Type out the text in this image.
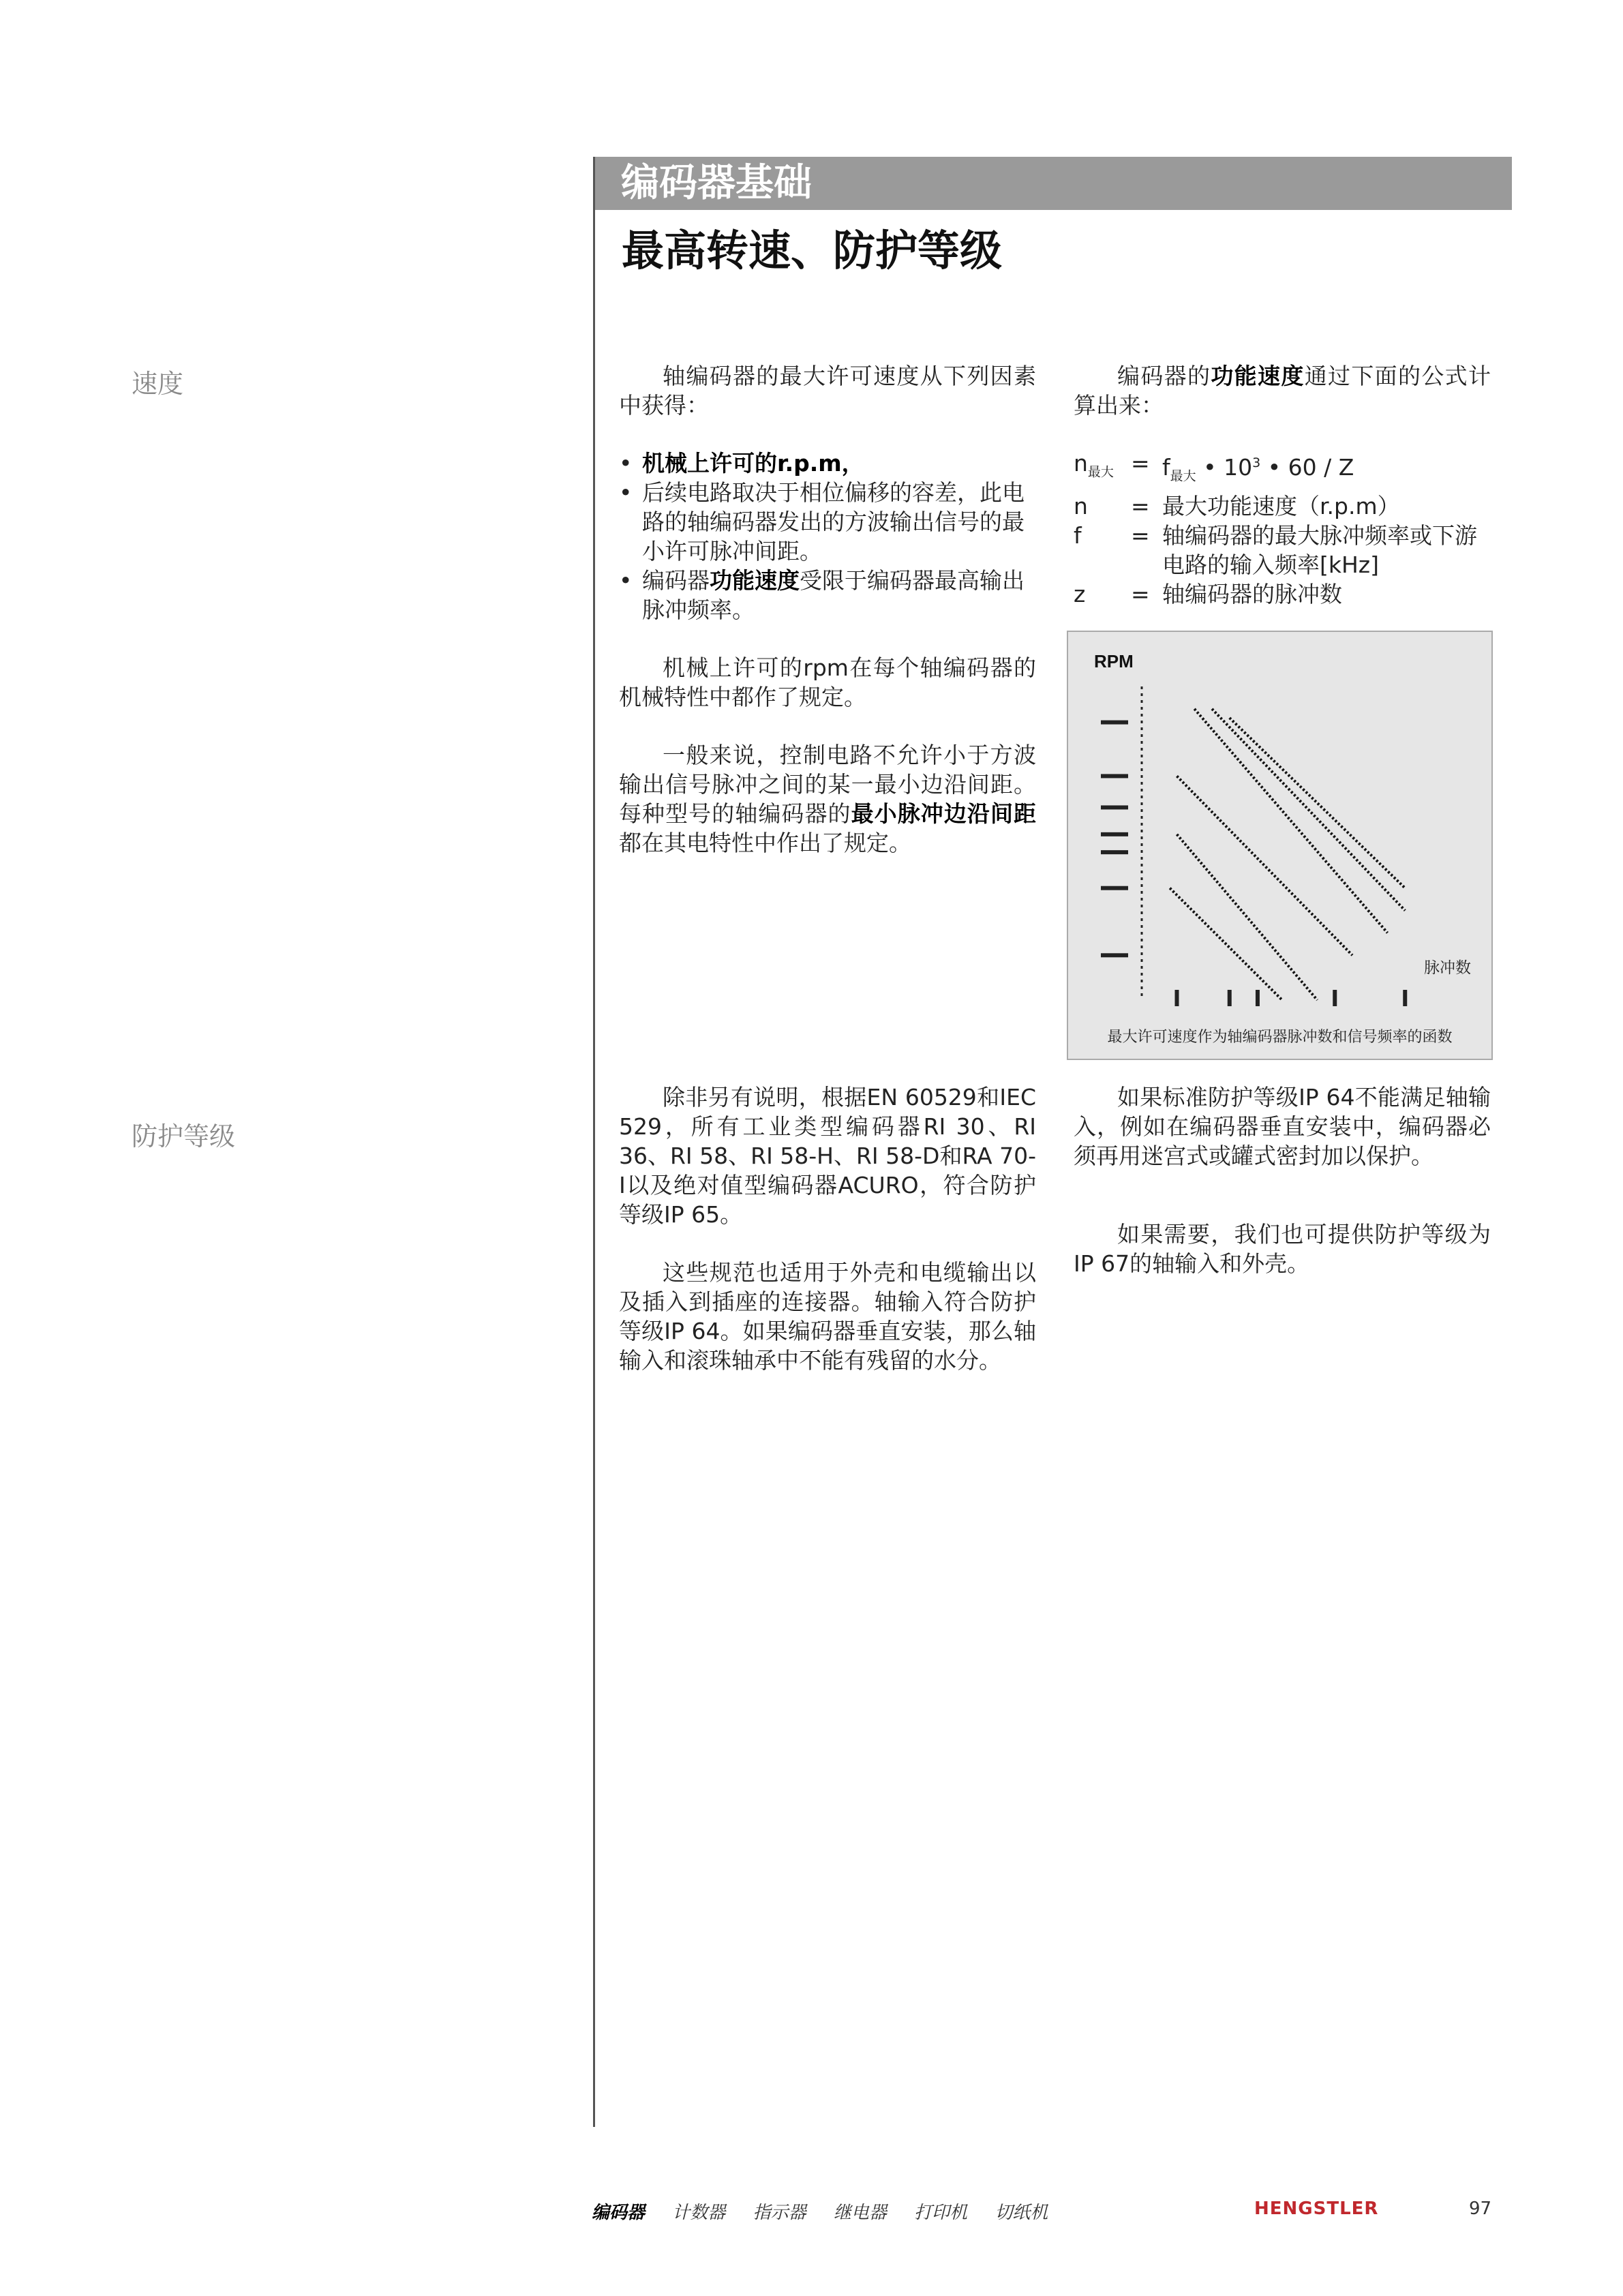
编码器基础
最高转速、防护等级
速度
防护等级

轴编码器的最大许可速度从下列因素中获得：

• 机械上许可的r.p.m，
• 后续电路取决于相位偏移的容差，此电路的轴编码器发出的方波输出信号的最小许可脉冲间距。
• 编码器功能速度受限于编码器最高输出脉冲频率。

机械上许可的rpm在每个轴编码器的机械特性中都作了规定。

一般来说，控制电路不允许小于方波输出信号脉冲之间的某一最小边沿间距。每种型号的轴编码器的最小脉冲边沿间距都在其电特性中作出了规定。

编码器的功能速度通过下面的公式计算出来：

$n_{最大} = f_{最大}$ • $10^3$ • 60 / Z
n	= 最大功能速度（r.p.m）
f	= 轴编码器的最大脉冲频率或下游电路的输入频率[kHz]
z	= 轴编码器的脉冲数
RPM
脉冲数
最大许可速度作为轴编码器脉冲数和信号频率的函数

除非另有说明，根据EN 60529和IEC 529，所有工业类型编码器RI 30、RI 36、RI 58、RI 58-H、RI 58-D和RA 70-I以及绝对值型编码器ACURO，符合防护等级IP 65。

这些规范也适用于外壳和电缆输出以及插入到插座的连接器。轴输入符合防护等级IP 64。如果编码器垂直安装，那么轴输入和滚珠轴承中不能有残留的水分。

如果标准防护等级IP 64不能满足轴输入，例如在编码器垂直安装中，编码器必须再用迷宫式或罐式密封加以保护。

如果需要，我们也可提供防护等级为IP 67的轴输入和外壳。

编码器 计数器 指示器 继电器 打印机 切纸机	HENGSTLER	97
